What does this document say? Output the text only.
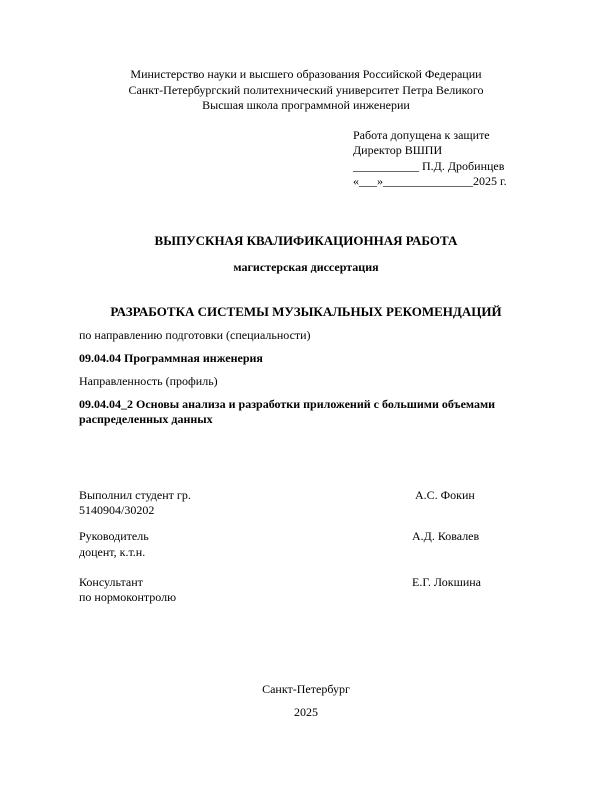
Министерство науки и высшего образования Российской Федерации
Санкт-Петербургский политехнический университет Петра Великого
Высшая школа программной инженерии
Работа допущена к защите
Директор ВШПИ
___________ П.Д. Дробинцев
«___»_______________2025 г.
ВЫПУСКНАЯ КВАЛИФИКАЦИОННАЯ РАБОТА
магистерская диссертация
РАЗРАБОТКА СИСТЕМЫ МУЗЫКАЛЬНЫХ РЕКОМЕНДАЦИЙ
по направлению подготовки (специальности)
09.04.04 Программная инженерия
Направленность (профиль)
09.04.04_2 Основы анализа и разработки приложений с большими объемами
распределенных данных
Выполнил студент гр.
5140904/30202
А.С. Фокин
Руководитель
доцент, к.т.н.
А.Д. Ковалев
Консультант
по нормоконтролю
Е.Г. Локшина
Санкт-Петербург
2025
